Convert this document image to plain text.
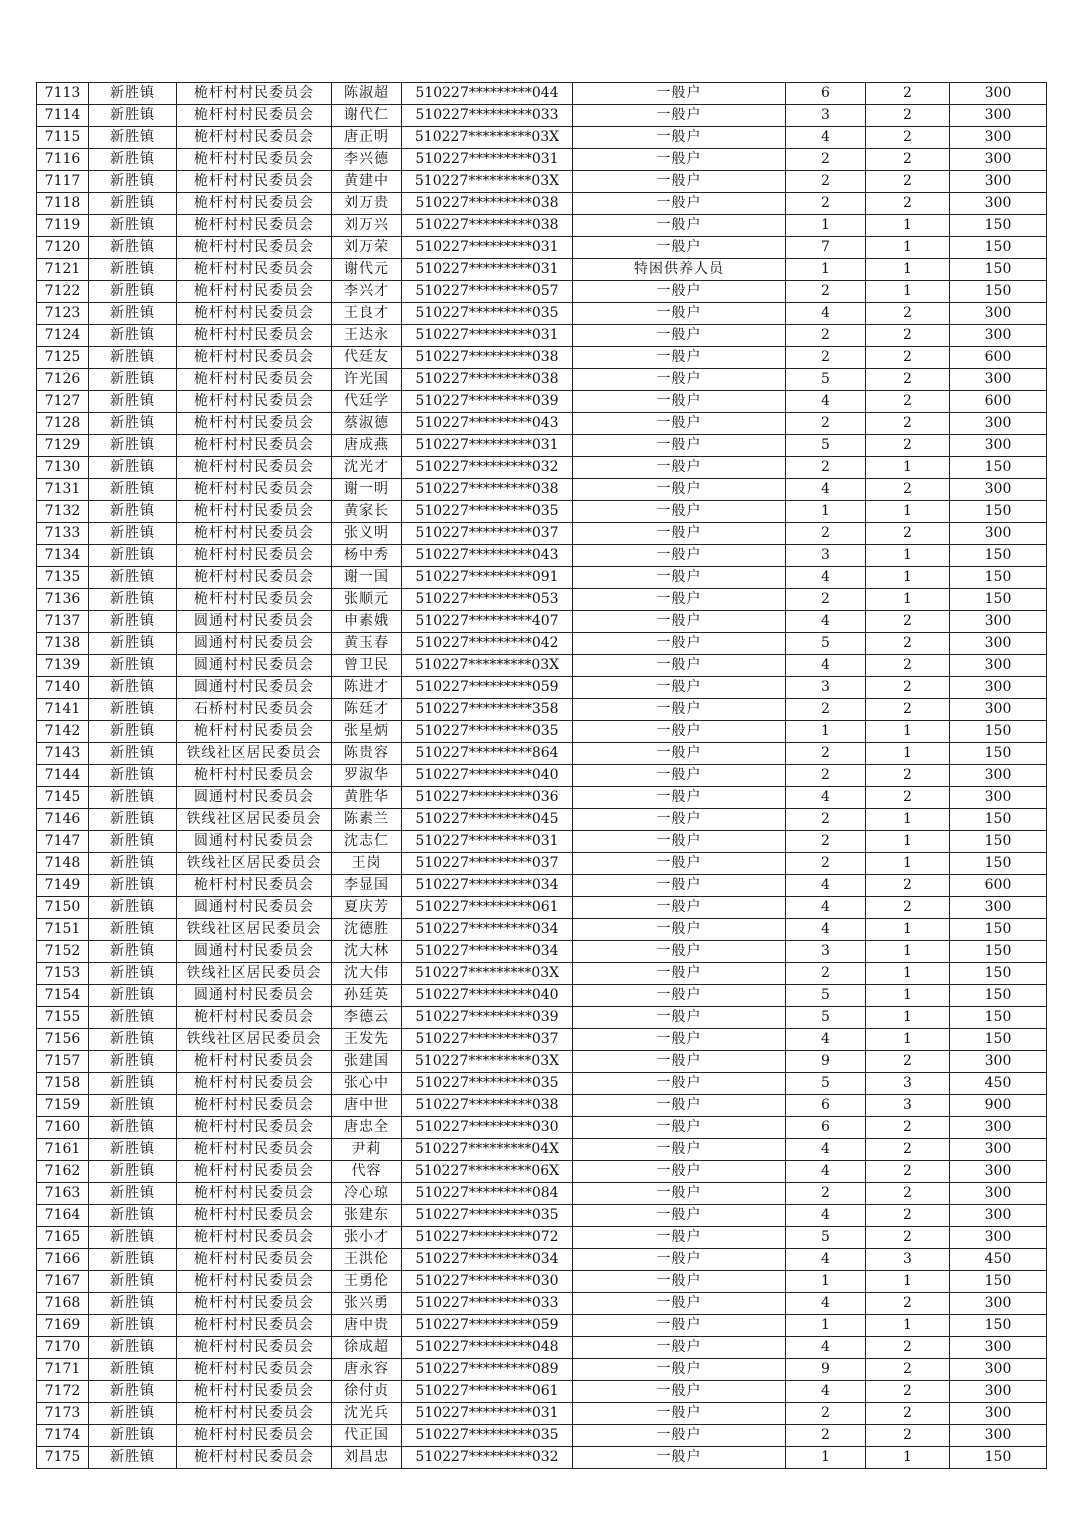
7113	新胜镇	桅杆村村民委员会	陈淑超	510227*********044	一般户	6	2	300
7114	新胜镇	桅杆村村民委员会	谢代仁	510227*********033	一般户	3	2	300
7115	新胜镇	桅杆村村民委员会	唐正明	510227*********03X	一般户	4	2	300
7116	新胜镇	桅杆村村民委员会	李兴德	510227*********031	一般户	2	2	300
7117	新胜镇	桅杆村村民委员会	黄建中	510227*********03X	一般户	2	2	300
7118	新胜镇	桅杆村村民委员会	刘万贵	510227*********038	一般户	2	2	300
7119	新胜镇	桅杆村村民委员会	刘万兴	510227*********038	一般户	1	1	150
7120	新胜镇	桅杆村村民委员会	刘万荣	510227*********031	一般户	7	1	150
7121	新胜镇	桅杆村村民委员会	谢代元	510227*********031	特困供养人员	1	1	150
7122	新胜镇	桅杆村村民委员会	李兴才	510227*********057	一般户	2	1	150
7123	新胜镇	桅杆村村民委员会	王良才	510227*********035	一般户	4	2	300
7124	新胜镇	桅杆村村民委员会	王达永	510227*********031	一般户	2	2	300
7125	新胜镇	桅杆村村民委员会	代廷友	510227*********038	一般户	2	2	600
7126	新胜镇	桅杆村村民委员会	许光国	510227*********038	一般户	5	2	300
7127	新胜镇	桅杆村村民委员会	代廷学	510227*********039	一般户	4	2	600
7128	新胜镇	桅杆村村民委员会	蔡淑德	510227*********043	一般户	2	2	300
7129	新胜镇	桅杆村村民委员会	唐成燕	510227*********031	一般户	5	2	300
7130	新胜镇	桅杆村村民委员会	沈光才	510227*********032	一般户	2	1	150
7131	新胜镇	桅杆村村民委员会	谢一明	510227*********038	一般户	4	2	300
7132	新胜镇	桅杆村村民委员会	黄家长	510227*********035	一般户	1	1	150
7133	新胜镇	桅杆村村民委员会	张义明	510227*********037	一般户	2	2	300
7134	新胜镇	桅杆村村民委员会	杨中秀	510227*********043	一般户	3	1	150
7135	新胜镇	桅杆村村民委员会	谢一国	510227*********091	一般户	4	1	150
7136	新胜镇	桅杆村村民委员会	张顺元	510227*********053	一般户	2	1	150
7137	新胜镇	圆通村村民委员会	申素娥	510227*********407	一般户	4	2	300
7138	新胜镇	圆通村村民委员会	黄玉春	510227*********042	一般户	5	2	300
7139	新胜镇	圆通村村民委员会	曾卫民	510227*********03X	一般户	4	2	300
7140	新胜镇	圆通村村民委员会	陈进才	510227*********059	一般户	3	2	300
7141	新胜镇	石桥村村民委员会	陈廷才	510227*********358	一般户	2	2	300
7142	新胜镇	桅杆村村民委员会	张星炳	510227*********035	一般户	1	1	150
7143	新胜镇	铁线社区居民委员会	陈贵容	510227*********864	一般户	2	1	150
7144	新胜镇	桅杆村村民委员会	罗淑华	510227*********040	一般户	2	2	300
7145	新胜镇	圆通村村民委员会	黄胜华	510227*********036	一般户	4	2	300
7146	新胜镇	铁线社区居民委员会	陈素兰	510227*********045	一般户	2	1	150
7147	新胜镇	圆通村村民委员会	沈志仁	510227*********031	一般户	2	1	150
7148	新胜镇	铁线社区居民委员会	王岗	510227*********037	一般户	2	1	150
7149	新胜镇	桅杆村村民委员会	李显国	510227*********034	一般户	4	2	600
7150	新胜镇	圆通村村民委员会	夏庆芳	510227*********061	一般户	4	2	300
7151	新胜镇	铁线社区居民委员会	沈德胜	510227*********034	一般户	4	1	150
7152	新胜镇	圆通村村民委员会	沈大林	510227*********034	一般户	3	1	150
7153	新胜镇	铁线社区居民委员会	沈大伟	510227*********03X	一般户	2	1	150
7154	新胜镇	圆通村村民委员会	孙廷英	510227*********040	一般户	5	1	150
7155	新胜镇	桅杆村村民委员会	李德云	510227*********039	一般户	5	1	150
7156	新胜镇	铁线社区居民委员会	王发先	510227*********037	一般户	4	1	150
7157	新胜镇	桅杆村村民委员会	张建国	510227*********03X	一般户	9	2	300
7158	新胜镇	桅杆村村民委员会	张心中	510227*********035	一般户	5	3	450
7159	新胜镇	桅杆村村民委员会	唐中世	510227*********038	一般户	6	3	900
7160	新胜镇	桅杆村村民委员会	唐忠全	510227*********030	一般户	6	2	300
7161	新胜镇	桅杆村村民委员会	尹莉	510227*********04X	一般户	4	2	300
7162	新胜镇	桅杆村村民委员会	代容	510227*********06X	一般户	4	2	300
7163	新胜镇	桅杆村村民委员会	冷心琼	510227*********084	一般户	2	2	300
7164	新胜镇	桅杆村村民委员会	张建东	510227*********035	一般户	4	2	300
7165	新胜镇	桅杆村村民委员会	张小才	510227*********072	一般户	5	2	300
7166	新胜镇	桅杆村村民委员会	王洪伦	510227*********034	一般户	4	3	450
7167	新胜镇	桅杆村村民委员会	王勇伦	510227*********030	一般户	1	1	150
7168	新胜镇	桅杆村村民委员会	张兴勇	510227*********033	一般户	4	2	300
7169	新胜镇	桅杆村村民委员会	唐中贵	510227*********059	一般户	1	1	150
7170	新胜镇	桅杆村村民委员会	徐成超	510227*********048	一般户	4	2	300
7171	新胜镇	桅杆村村民委员会	唐永容	510227*********089	一般户	9	2	300
7172	新胜镇	桅杆村村民委员会	徐付贞	510227*********061	一般户	4	2	300
7173	新胜镇	桅杆村村民委员会	沈光兵	510227*********031	一般户	2	2	300
7174	新胜镇	桅杆村村民委员会	代正国	510227*********035	一般户	2	2	300
7175	新胜镇	桅杆村村民委员会	刘昌忠	510227*********032	一般户	1	1	150
